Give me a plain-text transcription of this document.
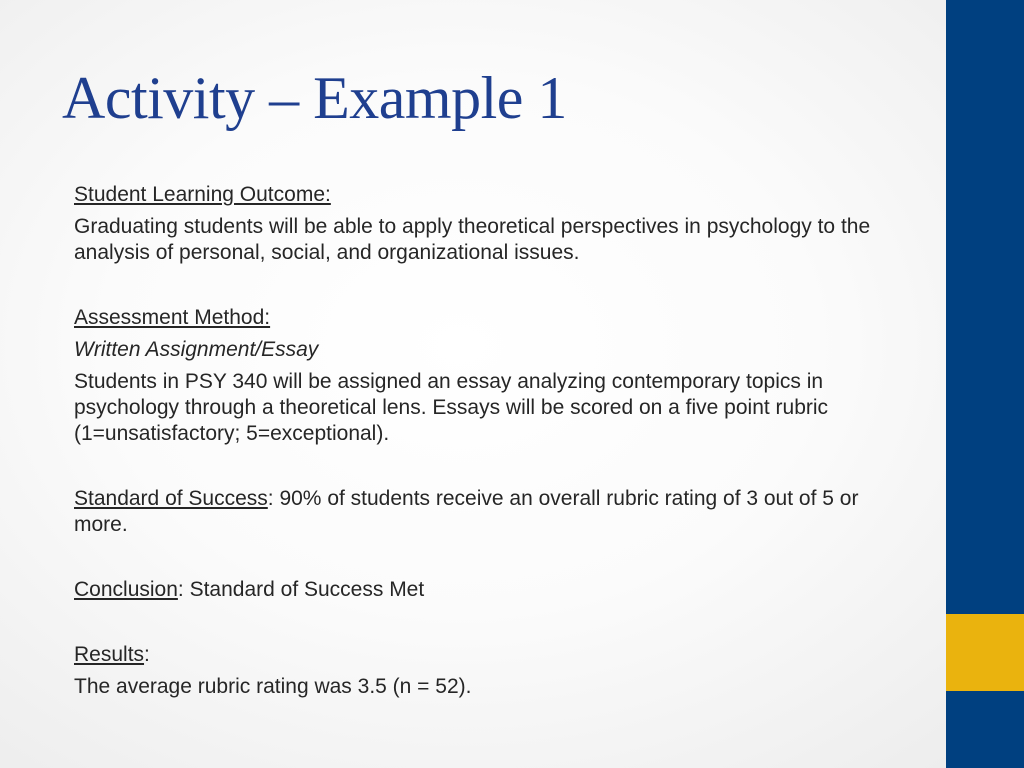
Activity – Example 1
Student Learning Outcome:
Graduating students will be able to apply theoretical perspectives in psychology to the analysis of personal, social, and organizational issues.
Assessment Method:
Written Assignment/Essay
Students in PSY 340 will be assigned an essay analyzing contemporary topics in psychology through a theoretical lens. Essays will be scored on a five point rubric (1=unsatisfactory; 5=exceptional).
Standard of Success: 90% of students receive an overall rubric rating of 3 out of 5 or more.
Conclusion: Standard of Success Met
Results:
The average rubric rating was 3.5 (n = 52).
